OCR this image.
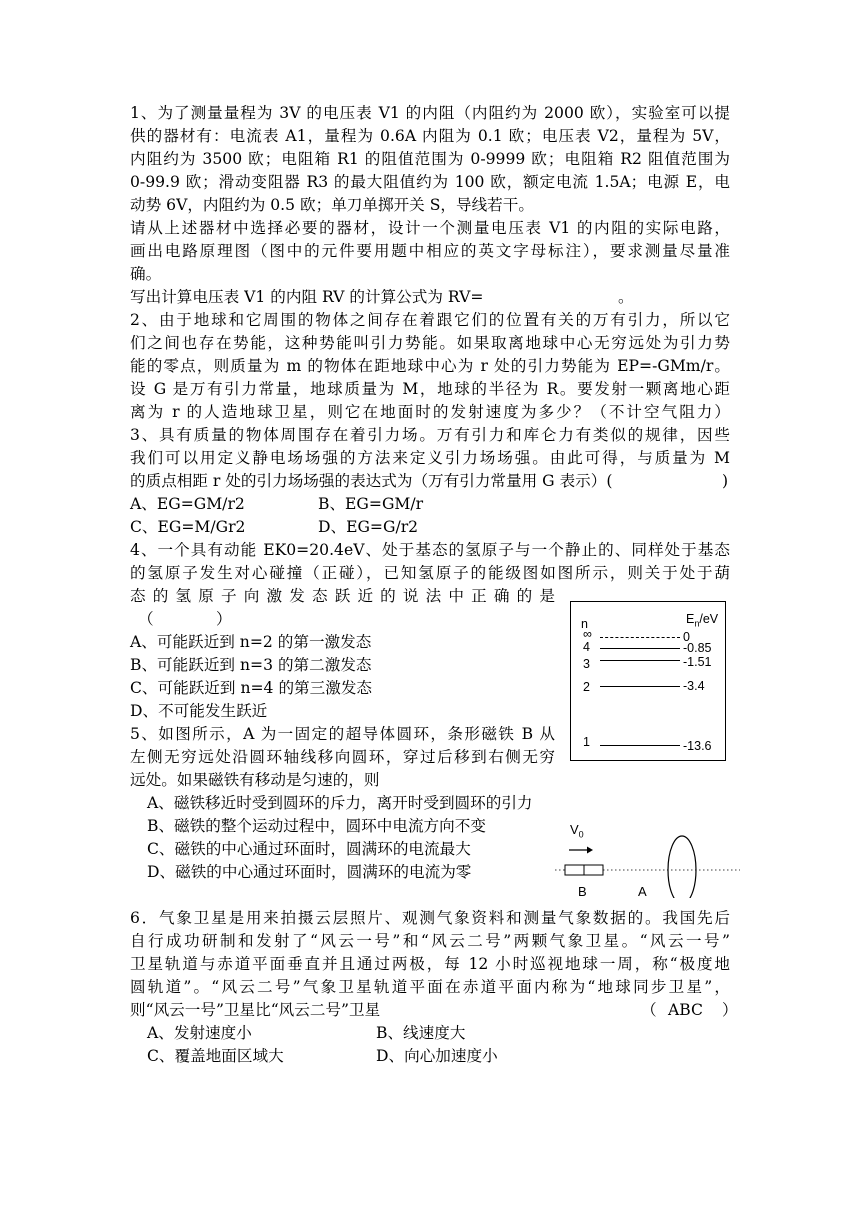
1、为了测量量程为 3V 的电压表 V1 的内阻（内阻约为 2000 欧），实验室可以提
供的器材有：电流表 A1，量程为 0.6A 内阻为 0.1 欧；电压表 V2，量程为 5V，
内阻约为 3500 欧；电阻箱 R1 的阻值范围为 0-9999 欧；电阻箱 R2 阻值范围为
0-99.9 欧；滑动变阻器 R3 的最大阻值约为 100 欧，额定电流 1.5A；电源 E，电
动势 6V，内阻约为 0.5 欧；单刀单掷开关 S，导线若干。
请从上述器材中选择必要的器材，设计一个测量电压表 V1 的内阻的实际电路，
画出电路原理图（图中的元件要用题中相应的英文字母标注），要求测量尽量准
确。
写出计算电压表 V1 的内阻 RV 的计算公式为 RV=	。
2、由于地球和它周围的物体之间存在着跟它们的位置有关的万有引力，所以它
们之间也存在势能，这种势能叫引力势能。如果取离地球中心无穷远处为引力势
能的零点，则质量为 m 的物体在距地球中心为 r 处的引力势能为 EP=-GMm/r。
设 G 是万有引力常量，地球质量为 M，地球的半径为 R。要发射一颗离地心距
离为 r 的人造地球卫星，则它在地面时的发射速度为多少？（不计空气阻力）
3、具有质量的物体周围存在着引力场。万有引力和库仑力有类似的规律，因些
我们可以用定义静电场场强的方法来定义引力场场强。由此可得，与质量为 M
的质点相距 r 处的引力场场强的表达式为（万有引力常量用 G 表示）(	)
A、EG=GM/r2	B、EG=GM/r
C、EG=M/Gr2	D、EG=G/r2
4、一个具有动能 EK0=20.4eV、处于基态的氢原子与一个静止的、同样处于基态
的氢原子发生对心碰撞（正碰），已知氢原子的能级图如图所示，则关于处于葫
态的氢原子向激发态跃近的说法中正确的是
（	）
A、可能跃近到 n=2 的第一激发态
B、可能跃近到 n=3 的第二激发态
C、可能跃近到 n=4 的第三激发态
D、不可能发生跃近
n	$E_n/eV$
∞	0
4	-0.85
3	-1.51
2	-3.4
1	-13.6
5、如图所示，A 为一固定的超导体圆环，条形磁铁 B 从
左侧无穷远处沿圆环轴线移向圆环，穿过后移到右侧无穷
远处。如果磁铁有移动是匀速的，则
A、磁铁移近时受到圆环的斥力，离开时受到圆环的引力
B、磁铁的整个运动过程中，圆环中电流方向不变
C、磁铁的中心通过环面时，圆满环的电流最大
D、磁铁的中心通过环面时，圆满环的电流为零
$V_0$
B	A
6．气象卫星是用来拍摄云层照片、观测气象资料和测量气象数据的。我国先后
自行成功研制和发射了“风云一号”和“风云二号”两颗气象卫星。“风云一号”
卫星轨道与赤道平面垂直并且通过两极，每 12 小时巡视地球一周，称“极度地
圆轨道”。“风云二号”气象卫星轨道平面在赤道平面内称为“地球同步卫星”，
则“风云一号”卫星比“风云二号”卫星	（ ABC ）
A、发射速度小	B、线速度大
C、覆盖地面区域大	D、向心加速度小
